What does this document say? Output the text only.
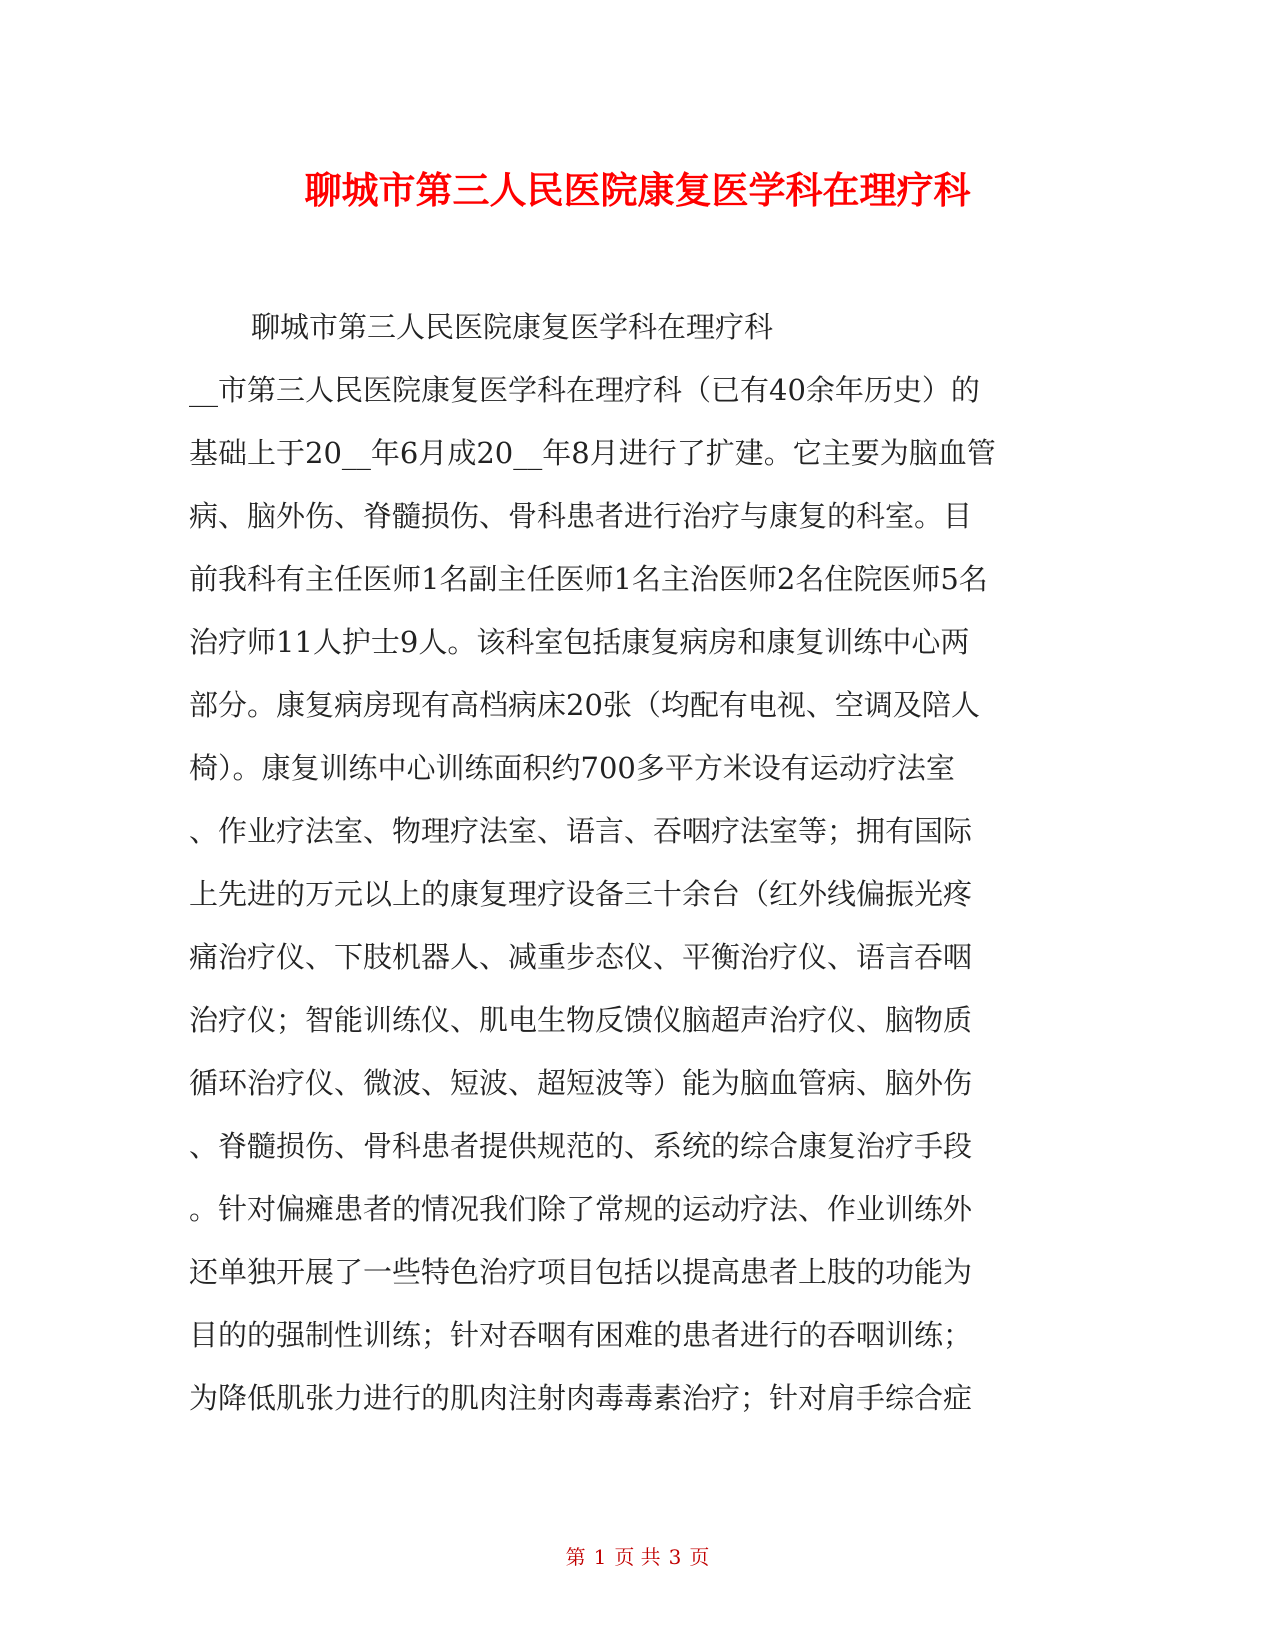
聊城市第三人民医院康复医学科在理疗科
聊城市第三人民医院康复医学科在理疗科
__市第三人民医院康复医学科在理疗科（已有40余年历史）的
基础上于20__年6月成20__年8月进行了扩建。它主要为脑血管
病、脑外伤、脊髓损伤、骨科患者进行治疗与康复的科室。目
前我科有主任医师1名副主任医师1名主治医师2名住院医师5名
治疗师11人护士9人。该科室包括康复病房和康复训练中心两
部分。康复病房现有高档病床20张（均配有电视、空调及陪人
椅）。康复训练中心训练面积约700多平方米设有运动疗法室
、作业疗法室、物理疗法室、语言、吞咽疗法室等；拥有国际
上先进的万元以上的康复理疗设备三十余台（红外线偏振光疼
痛治疗仪、下肢机器人、减重步态仪、平衡治疗仪、语言吞咽
治疗仪；智能训练仪、肌电生物反馈仪脑超声治疗仪、脑物质
循环治疗仪、微波、短波、超短波等）能为脑血管病、脑外伤
、脊髓损伤、骨科患者提供规范的、系统的综合康复治疗手段
。针对偏瘫患者的情况我们除了常规的运动疗法、作业训练外
还单独开展了一些特色治疗项目包括以提高患者上肢的功能为
目的的强制性训练；针对吞咽有困难的患者进行的吞咽训练；
为降低肌张力进行的肌肉注射肉毒毒素治疗；针对肩手综合症
第 1 页 共 3 页
